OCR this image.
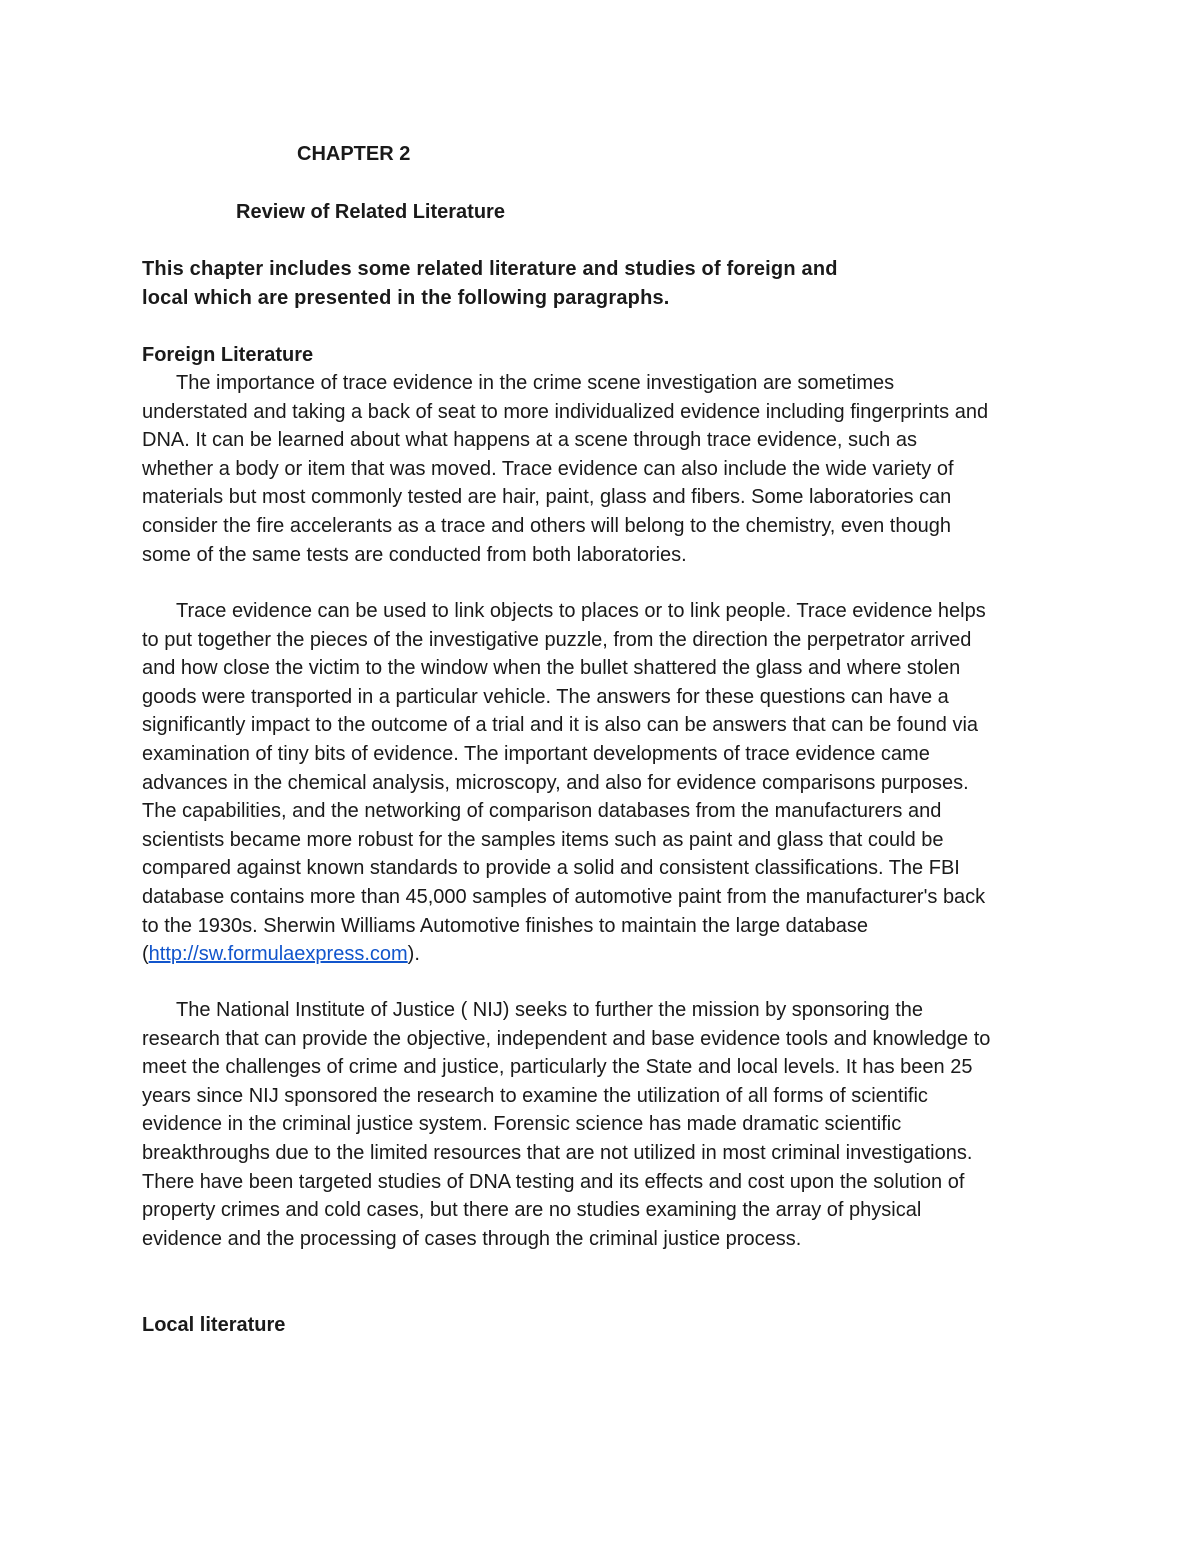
CHAPTER 2
Review of Related Literature

This chapter includes some related literature and studies of foreign and
local which are presented in the following paragraphs.

Foreign Literature

The importance of trace evidence in the crime scene investigation are sometimes
understated and taking a back of seat to more individualized evidence including fingerprints and
DNA. It can be learned about what happens at a scene through trace evidence, such as
whether a body or item that was moved. Trace evidence can also include the wide variety of
materials but most commonly tested are hair, paint, glass and fibers. Some laboratories can
consider the fire accelerants as a trace and others will belong to the chemistry, even though
some of the same tests are conducted from both laboratories.

Trace evidence can be used to link objects to places or to link people. Trace evidence helps
to put together the pieces of the investigative puzzle, from the direction the perpetrator arrived
and how close the victim to the window when the bullet shattered the glass and where stolen
goods were transported in a particular vehicle. The answers for these questions can have a
significantly impact to the outcome of a trial and it is also can be answers that can be found via
examination of tiny bits of evidence. The important developments of trace evidence came
advances in the chemical analysis, microscopy, and also for evidence comparisons purposes.
The capabilities, and the networking of comparison databases from the manufacturers and
scientists became more robust for the samples items such as paint and glass that could be
compared against known standards to provide a solid and consistent classifications. The FBI
database contains more than 45,000 samples of automotive paint from the manufacturer's back
to the 1930s. Sherwin Williams Automotive finishes to maintain the large database
(http://sw.formulaexpress.com).

The National Institute of Justice ( NIJ) seeks to further the mission by sponsoring the
research that can provide the objective, independent and base evidence tools and knowledge to
meet the challenges of crime and justice, particularly the State and local levels. It has been 25
years since NIJ sponsored the research to examine the utilization of all forms of scientific
evidence in the criminal justice system. Forensic science has made dramatic scientific
breakthroughs due to the limited resources that are not utilized in most criminal investigations.
There have been targeted studies of DNA testing and its effects and cost upon the solution of
property crimes and cold cases, but there are no studies examining the array of physical
evidence and the processing of cases through the criminal justice process.

Local literature
